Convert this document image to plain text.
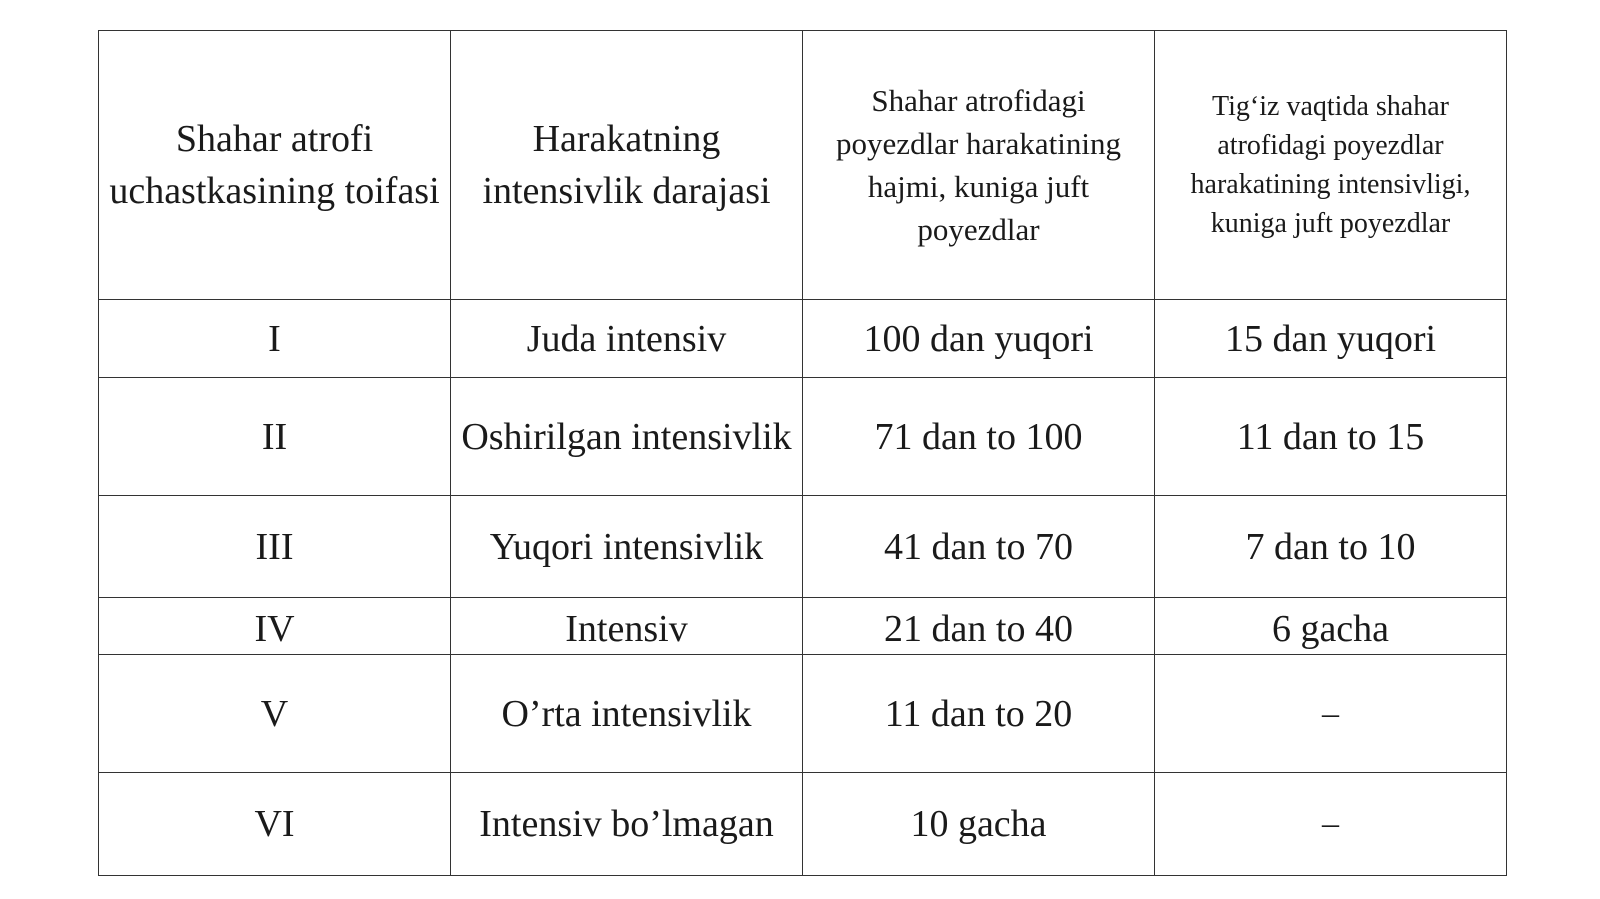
Shahar atrofi uchastkasining toifasi	Harakatning intensivlik darajasi	Shahar atrofidagi poyezdlar harakatining hajmi, kuniga juft poyezdlar	Tig‘iz vaqtida shahar atrofidagi poyezdlar harakatining intensivligi, kuniga juft poyezdlar
I	Juda intensiv	100 dan yuqori	15 dan yuqori
II	Oshirilgan intensivlik	71 dan to 100	11 dan to 15
III	Yuqori intensivlik	41 dan to 70	7 dan to 10
IV	Intensiv	21 dan to 40	6 gacha
V	O’rta intensivlik	11 dan to 20	–
VI	Intensiv bo’lmagan	10 gacha	–
